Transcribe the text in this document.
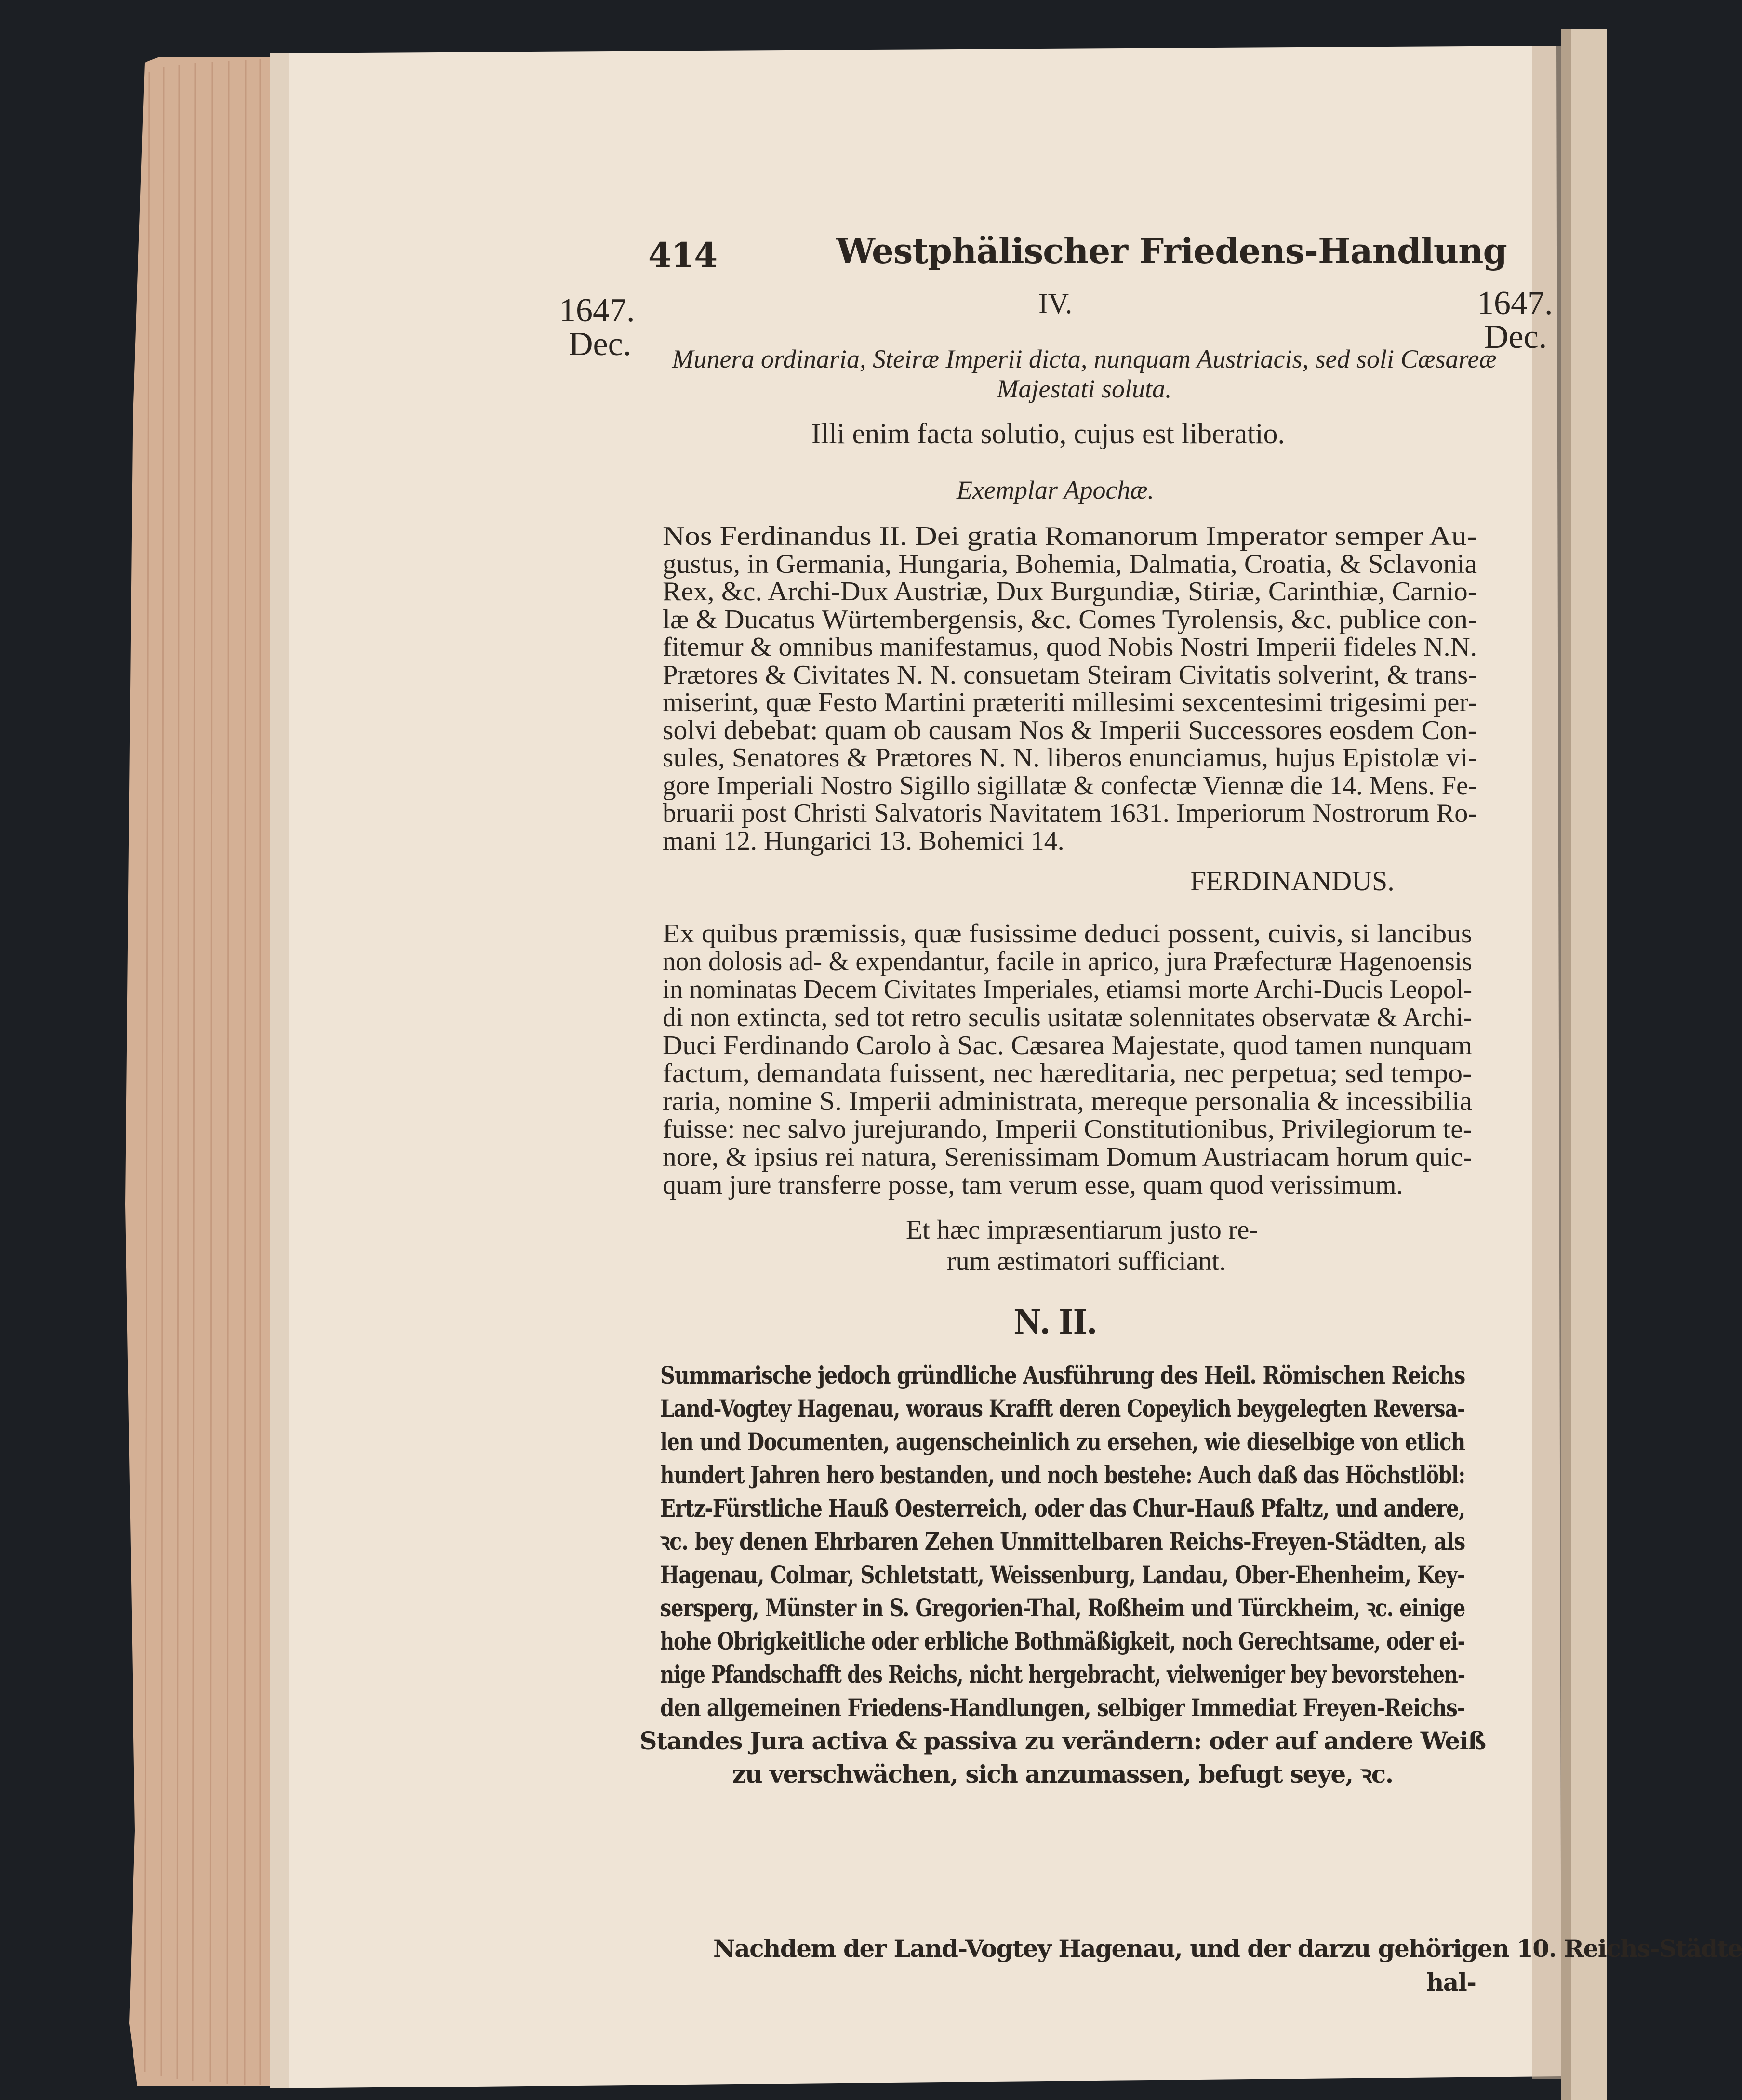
414	Westphälischer Friedens-Handlung
1647.
Dec.
1647.
Dec.
IV.
Munera ordinaria, Steiræ Imperii dicta, nunquam Austriacis, sed soli Cæsareæ
Majestati soluta.
Illi enim facta solutio, cujus est liberatio.
Exemplar Apochæ.
Nos Ferdinandus II. Dei gratia Romanorum Imperator semper Au-
gustus, in Germania, Hungaria, Bohemia, Dalmatia, Croatia, & Sclavonia
Rex, &c. Archi-Dux Austriæ, Dux Burgundiæ, Stiriæ, Carinthiæ, Carnio-
læ & Ducatus Würtembergensis, &c. Comes Tyrolensis, &c. publice con-
fitemur & omnibus manifestamus, quod Nobis Nostri Imperii fideles N.N.
Prætores & Civitates N. N. consuetam Steiram Civitatis solverint, & trans-
miserint, quæ Festo Martini præteriti millesimi sexcentesimi trigesimi per-
solvi debebat: quam ob causam Nos & Imperii Successores eosdem Con-
sules, Senatores & Prætores N. N. liberos enunciamus, hujus Epistolæ vi-
gore Imperiali Nostro Sigillo sigillatæ & confectæ Viennæ die 14. Mens. Fe-
bruarii post Christi Salvatoris Navitatem 1631. Imperiorum Nostrorum Ro-
mani 12. Hungarici 13. Bohemici 14.
FERDINANDUS.
Ex quibus præmissis, quæ fusissime deduci possent, cuivis, si lancibus
non dolosis ad- & expendantur, facile in aprico, jura Præfecturæ Hagenoensis
in nominatas Decem Civitates Imperiales, etiamsi morte Archi-Ducis Leopol-
di non extincta, sed tot retro seculis usitatæ solennitates observatæ & Archi-
Duci Ferdinando Carolo à Sac. Cæsarea Majestate, quod tamen nunquam
factum, demandata fuissent, nec hæreditaria, nec perpetua; sed tempo-
raria, nomine S. Imperii administrata, mereque personalia & incessibilia
fuisse: nec salvo jurejurando, Imperii Constitutionibus, Privilegiorum te-
nore, & ipsius rei natura, Serenissimam Domum Austriacam horum quic-
quam jure transferre posse, tam verum esse, quam quod verissimum.
Et hæc impræsentiarum justo re-
rum æstimatori sufficiant.
N. II.
Summarische jedoch gründliche Ausführung des Heil. Römischen Reichs
Land-Vogtey Hagenau, woraus Krafft deren Copeylich beygelegten Reversa-
len und Documenten, augenscheinlich zu ersehen, wie dieselbige von etlich
hundert Jahren hero bestanden, und noch bestehe: Auch daß das Höchstlöbl:
Ertz-Fürstliche Hauß Oesterreich, oder das Chur-Hauß Pfaltz, und andere,
ꝛc. bey denen Ehrbaren Zehen Unmittelbaren Reichs-Freyen-Städten, als
Hagenau, Colmar, Schletstatt, Weissenburg, Landau, Ober-Ehenheim, Key-
sersperg, Münster in S. Gregorien-Thal, Roßheim und Türckheim, ꝛc. einige
hohe Obrigkeitliche oder erbliche Bothmäßigkeit, noch Gerechtsame, oder ei-
nige Pfandschafft des Reichs, nicht hergebracht, vielweniger bey bevorstehen-
den allgemeinen Friedens-Handlungen, selbiger Immediat Freyen-Reichs-
Standes Jura activa & passiva zu verändern: oder auf andere Weiß
zu verschwächen, sich anzumassen, befugt seye, ꝛc.
Nachdem der Land-Vogtey Hagenau, und der darzu gehörigen 10. Reichs-Städte
hal-
